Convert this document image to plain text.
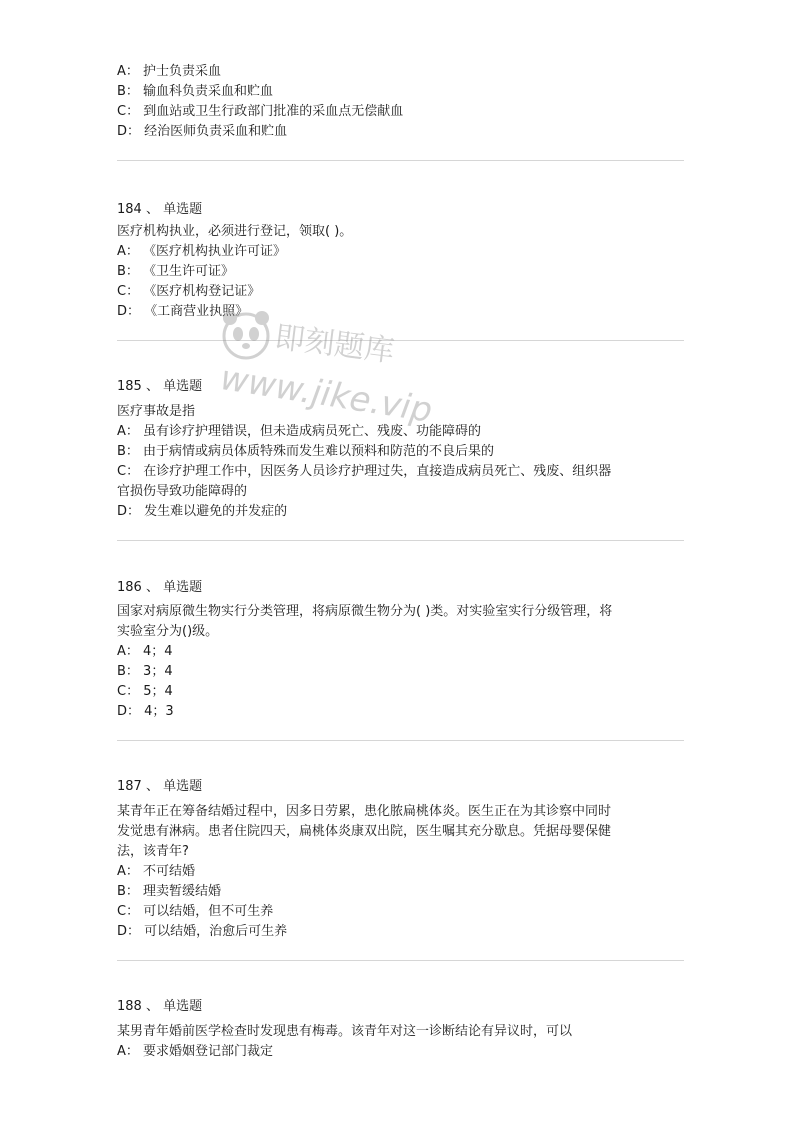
A： 护士负责采血
B： 输血科负责采血和贮血
C： 到血站或卫生行政部门批准的采血点无偿献血
D： 经治医师负责采血和贮血
184 、 单选题
医疗机构执业，必须进行登记，领取( )。
A： 《医疗机构执业许可证》
B： 《卫生许可证》
C： 《医疗机构登记证》
D： 《工商营业执照》
185 、 单选题
医疗事故是指
A： 虽有诊疗护理错误，但未造成病员死亡、残废、功能障碍的
B： 由于病情或病员体质特殊而发生难以预料和防范的不良后果的
C： 在诊疗护理工作中，因医务人员诊疗护理过失，直接造成病员死亡、残废、组织器
官损伤导致功能障碍的
D： 发生难以避免的并发症的
186 、 单选题
国家对病原微生物实行分类管理，将病原微生物分为( )类。对实验室实行分级管理，将
实验室分为()级。
A： 4；4
B： 3；4
C： 5；4
D： 4；3
187 、 单选题
某青年正在筹备结婚过程中，因多日劳累，患化脓扁桃体炎。医生正在为其诊察中同时
发觉患有淋病。患者住院四天，扁桃体炎康双出院，医生嘱其充分歇息。凭据母婴保健
法，该青年?
A： 不可结婚
B： 理卖暂缓结婚
C： 可以结婚，但不可生养
D： 可以结婚，治愈后可生养
188 、 单选题
某男青年婚前医学检查时发现患有梅毒。该青年对这一诊断结论有异议时，可以
A： 要求婚姻登记部门裁定
即刻题库
www.jike.vip
